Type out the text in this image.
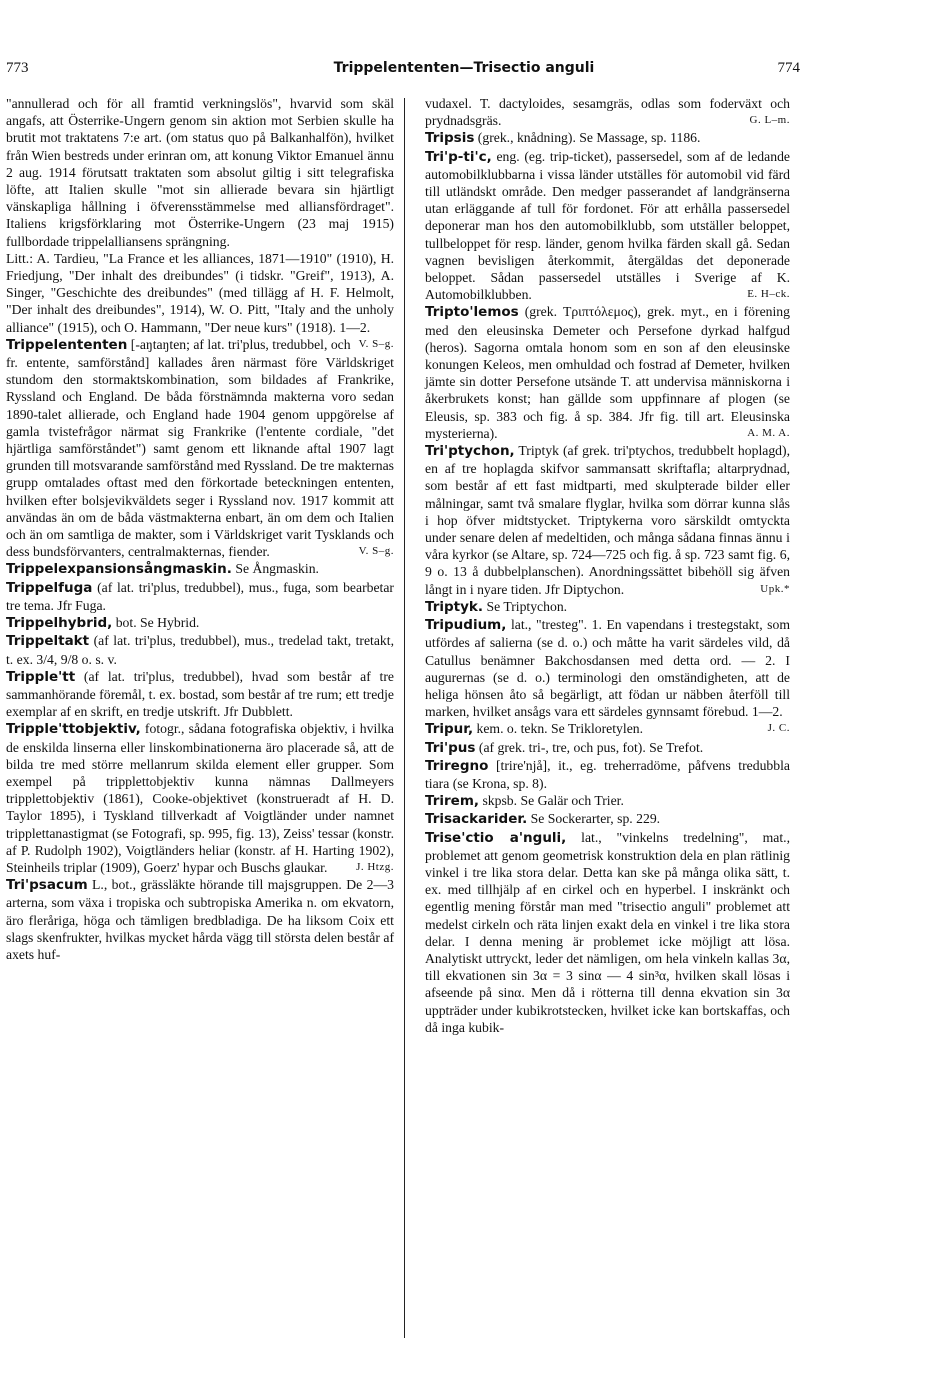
773	Trippelententen—Trisectio anguli	774

"annullerad och för all framtid verkningslös", hvarvid som skäl angafs, att Österrike-Ungern genom sin aktion mot Serbien skulle ha brutit mot traktatens 7:e art. (om status quo på Balkanhalfön), hvilket från Wien bestreds under erinran om, att konung Viktor Emanuel ännu 2 aug. 1914 förutsatt traktaten som absolut giltig i sitt telegrafiska löfte, att Italien skulle "mot sin allierade bevara sin hjärtligt vänskapliga hållning i öfverensstämmelse med alliansfördraget". Italiens krigsförklaring mot Österrike-Ungern (23 maj 1915) fullbordade trippelalliansens sprängning.

Litt.: A. Tardieu, "La France et les alliances, 1871—1910" (1910), H. Friedjung, "Der inhalt des dreibundes" (i tidskr. "Greif", 1913), A. Singer, "Geschichte des dreibundes" (med tillägg af H. F. Helmolt, "Der inhalt des dreibundes", 1914), W. O. Pitt, "Italy and the unholy alliance" (1915), och O. Hammann, "Der neue kurs" (1918). 1—2.
V. S–g.

Trippelententen [-aŋtaŋten; af lat. tri'plus, tredubbel, och fr. entente, samförstånd] kallades åren närmast före Världskriget stundom den stormaktskombination, som bildades af Frankrike, Ryssland och England. De båda förstnämnda makterna voro sedan 1890-talet allierade, och England hade 1904 genom uppgörelse af gamla tvistefrågor närmat sig Frankrike (l'entente cordiale, "det hjärtliga samförståndet") samt genom ett liknande aftal 1907 lagt grunden till motsvarande samförstånd med Ryssland. De tre makternas grupp omtalades oftast med den förkortade beteckningen ententen, hvilken efter bolsjevikväldets seger i Ryssland nov. 1917 kommit att användas än om de båda västmakterna enbart, än om dem och Italien och än om samtliga de makter, som i Världskriget varit Tysklands och dess bundsförvanters, centralmakternas, fiender.	V. S–g.

Trippelexpansionsångmaskin. Se Ångmaskin.

Trippelfuga (af lat. tri'plus, tredubbel), mus., fuga, som bearbetar tre tema. Jfr Fuga.

Trippelhybrid, bot. Se Hybrid.

Trippeltakt (af lat. tri'plus, tredubbel), mus., tredelad takt, tretakt, t. ex. 3/4, 9/8 o. s. v.

Tripple'tt (af lat. tri'plus, tredubbel), hvad som består af tre sammanhörande föremål, t. ex. bostad, som består af tre rum; ett tredje exemplar af en skrift, en tredje utskrift. Jfr Dubblett.

Tripple'ttobjektiv, fotogr., sådana fotografiska objektiv, i hvilka de enskilda linserna eller linskombinationerna äro placerade så, att de bilda tre med större mellanrum skilda element eller grupper. Som exempel på tripplettobjektiv kunna nämnas Dallmeyers tripplettobjektiv (1861), Cooke-objektivet (konstrueradt af H. D. Taylor 1895), i Tyskland tillverkadt af Voigtländer under namnet tripplettanastigmat (se Fotografi, sp. 995, fig. 13), Zeiss' tessar (konstr. af P. Rudolph 1902), Voigtländers heliar (konstr. af H. Harting 1902), Steinheils triplar (1909), Goerz' hypar och Buschs glaukar.	J. Htzg.

Tri'psacum L., bot., grässläkte hörande till majsgruppen. De 2—3 arterna, som växa i tropiska och subtropiska Amerika n. om ekvatorn, äro fleråriga, höga och tämligen bredbladiga. De ha liksom Coix ett slags skenfrukter, hvilkas mycket hårda vägg till största delen består af axets huf-

vudaxel. T. dactyloides, sesamgräs, odlas som foderväxt och prydnadsgräs.	G. L–m.

Tripsis (grek., knådning). Se Massage, sp. 1186.

Tri'p-ti'c, eng. (eg. trip-ticket), passersedel, som af de ledande automobilklubbarna i vissa länder utställes för automobil vid färd till utländskt område. Den medger passerandet af landgränserna utan erläggande af tull för fordonet. För att erhålla passersedel deponerar man hos den automobilklubb, som utställer beloppet, tullbeloppet för resp. länder, genom hvilka färden skall gå. Sedan vagnen bevisligen återkommit, återgäldas det deponerade beloppet. Sådan passersedel utställes i Sverige af K. Automobilklubben.	E. H–ck.

Tripto'lemos (grek. Τριπτόλεμος), grek. myt., en i förening med den eleusinska Demeter och Persefone dyrkad halfgud (heros). Sagorna omtala honom som en son af den eleusinske konungen Keleos, men omhuldad och fostrad af Demeter, hvilken jämte sin dotter Persefone utsände T. att undervisa människorna i åkerbrukets konst; han gällde som uppfinnare af plogen (se Eleusis, sp. 383 och fig. å sp. 384. Jfr fig. till art. Eleusinska mysterierna).	A. M. A.

Tri'ptychon, Triptyk (af grek. tri'ptychos, tredubbelt hoplagd), en af tre hoplagda skifvor sammansatt skriftafla; altarprydnad, som består af ett fast midtparti, med skulpterade bilder eller målningar, samt två smalare flyglar, hvilka som dörrar kunna slås i hop öfver midtstycket. Triptykerna voro särskildt omtyckta under senare delen af medeltiden, och många sådana finnas ännu i våra kyrkor (se Altare, sp. 724—725 och fig. å sp. 723 samt fig. 6, 9 o. 13 å dubbelplanschen). Anordningssättet bibehöll sig äfven långt in i nyare tiden. Jfr Diptychon.	Upk.*

Triptyk. Se Triptychon.

Tripudium, lat., "tresteg". 1. En vapendans i trestegstakt, som utfördes af salierna (se d. o.) och måtte ha varit särdeles vild, då Catullus benämner Bakchosdansen med detta ord. — 2. I augurernas (se d. o.) terminologi den omständigheten, att de heliga hönsen åto så begärligt, att födan ur näbben återföll till marken, hvilket ansågs vara ett särdeles gynnsamt förebud. 1—2.
J. C.

Tripur, kem. o. tekn. Se Trikloretylen.

Tri'pus (af grek. tri-, tre, och pus, fot). Se Trefot.

Triregno [trire'njå], it., eg. treherradöme, påfvens tredubbla tiara (se Krona, sp. 8).

Trirem, skpsb. Se Galär och Trier.

Trisackarider. Se Sockerarter, sp. 229.

Trise'ctio a'nguli, lat., "vinkelns tredelning", mat., problemet att genom geometrisk konstruktion dela en plan rätlinig vinkel i tre lika stora delar. Detta kan ske på många olika sätt, t. ex. med tillhjälp af en cirkel och en hyperbel. I inskränkt och egentlig mening förstår man med "trisectio anguli" problemet att medelst cirkeln och räta linjen exakt dela en vinkel i tre lika stora delar. I denna mening är problemet icke möjligt att lösa. Analytiskt uttryckt, leder det nämligen, om hela vinkeln kallas 3α, till ekvationen sin 3α = 3 sinα — 4 sin³α, hvilken skall lösas i afseende på sinα. Men då i rötterna till denna ekvation sin 3α uppträder under kubikrotstecken, hvilket icke kan bortskaffas, och då inga kubik-
